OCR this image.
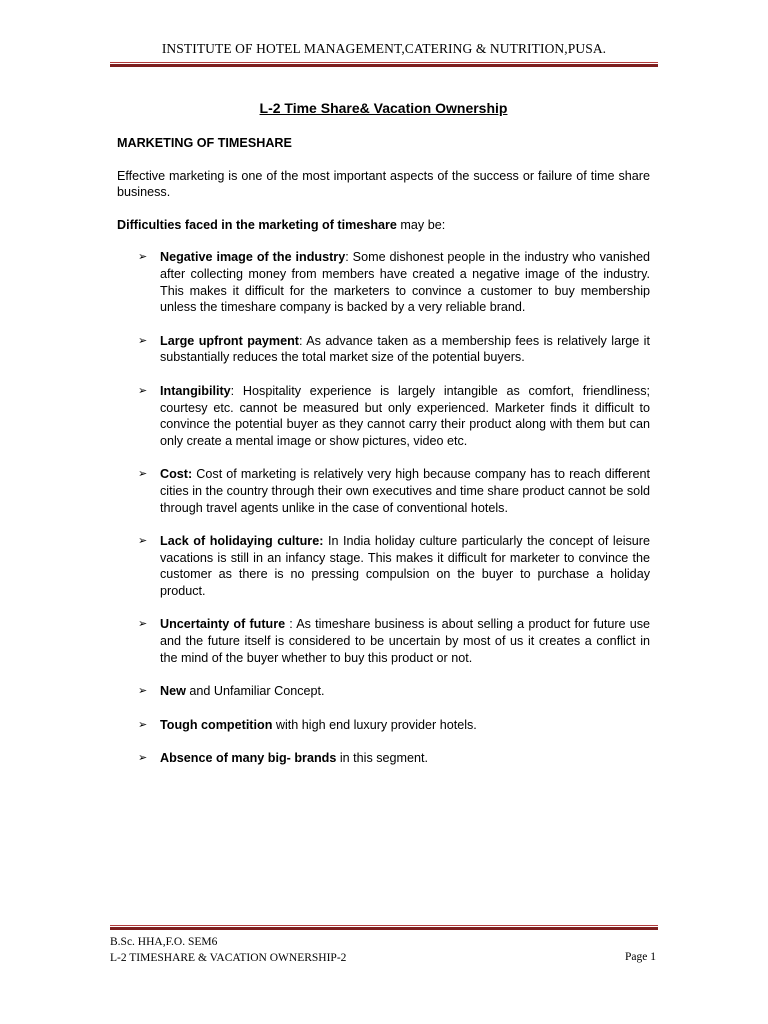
INSTITUTE OF HOTEL MANAGEMENT,CATERING & NUTRITION,PUSA.
L-2 Time Share& Vacation Ownership
MARKETING OF TIMESHARE
Effective marketing is one of the most important aspects of the success or failure of time share business.
Difficulties faced in the marketing of timeshare may be:
➢ Negative image of the industry: Some dishonest people in the industry who vanished after collecting money from members have created a negative image of the industry. This makes it difficult for the marketers to convince a customer to buy membership unless the timeshare company is backed by a very reliable brand.
➢ Large upfront payment: As advance taken as a membership fees is relatively large it substantially reduces the total market size of the potential buyers.
➢ Intangibility: Hospitality experience is largely intangible as comfort, friendliness; courtesy etc. cannot be measured but only experienced. Marketer finds it difficult to convince the potential buyer as they cannot carry their product along with them but can only create a mental image or show pictures, video etc.
➢ Cost: Cost of marketing is relatively very high because company has to reach different cities in the country through their own executives and time share product cannot be sold through travel agents unlike in the case of conventional hotels.
➢ Lack of holidaying culture: In India holiday culture particularly the concept of leisure vacations is still in an infancy stage. This makes it difficult for marketer to convince the customer as there is no pressing compulsion on the buyer to purchase a holiday product.
➢ Uncertainty of future : As timeshare business is about selling a product for future use and the future itself is considered to be uncertain by most of us it creates a conflict in the mind of the buyer whether to buy this product or not.
➢ New and Unfamiliar Concept.
➢ Tough competition with high end luxury provider hotels.
➢ Absence of many big- brands in this segment.
B.Sc. HHA,F.O. SEM6
L-2 TIMESHARE & VACATION OWNERSHIP-2	Page 1
